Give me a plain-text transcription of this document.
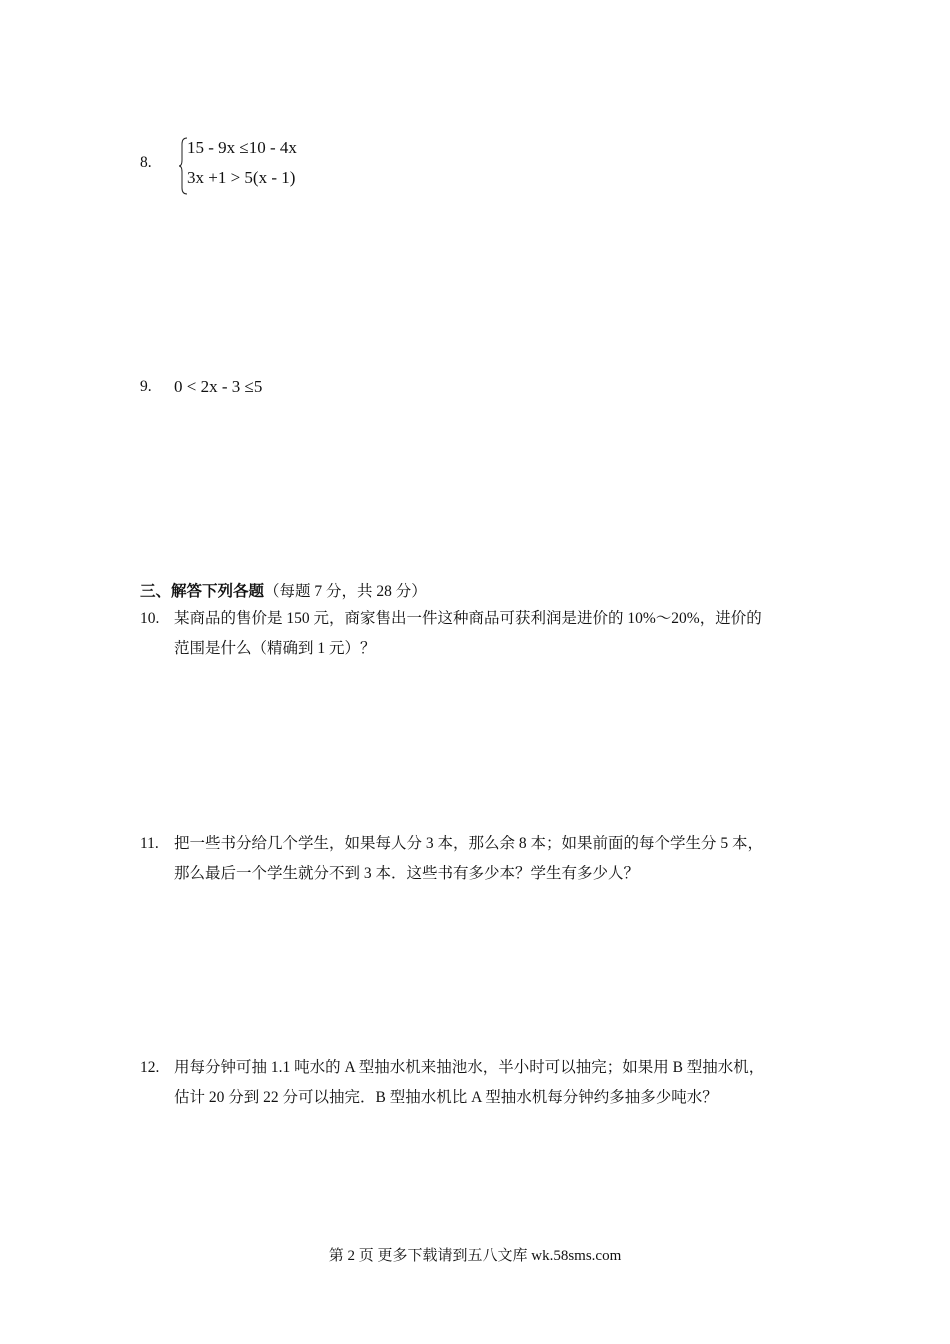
8.
15 - 9x ≤10 - 4x
3x +1 > 5(x - 1)
9. 0 < 2x - 3 ≤5
三、解答下列各题（每题 7 分，共 28 分）
10. 某商品的售价是 150 元，商家售出一件这种商品可获利润是进价的 10%～20%，进价的
范围是什么（精确到 1 元）？
11. 把一些书分给几个学生，如果每人分 3 本，那么余 8 本；如果前面的每个学生分 5 本，
那么最后一个学生就分不到 3 本．这些书有多少本？学生有多少人？
12. 用每分钟可抽 1.1 吨水的 A 型抽水机来抽池水，半小时可以抽完；如果用 B 型抽水机，
估计 20 分到 22 分可以抽完．B 型抽水机比 A 型抽水机每分钟约多抽多少吨水？
第 2 页 更多下载请到五八文库 wk.58sms.com
